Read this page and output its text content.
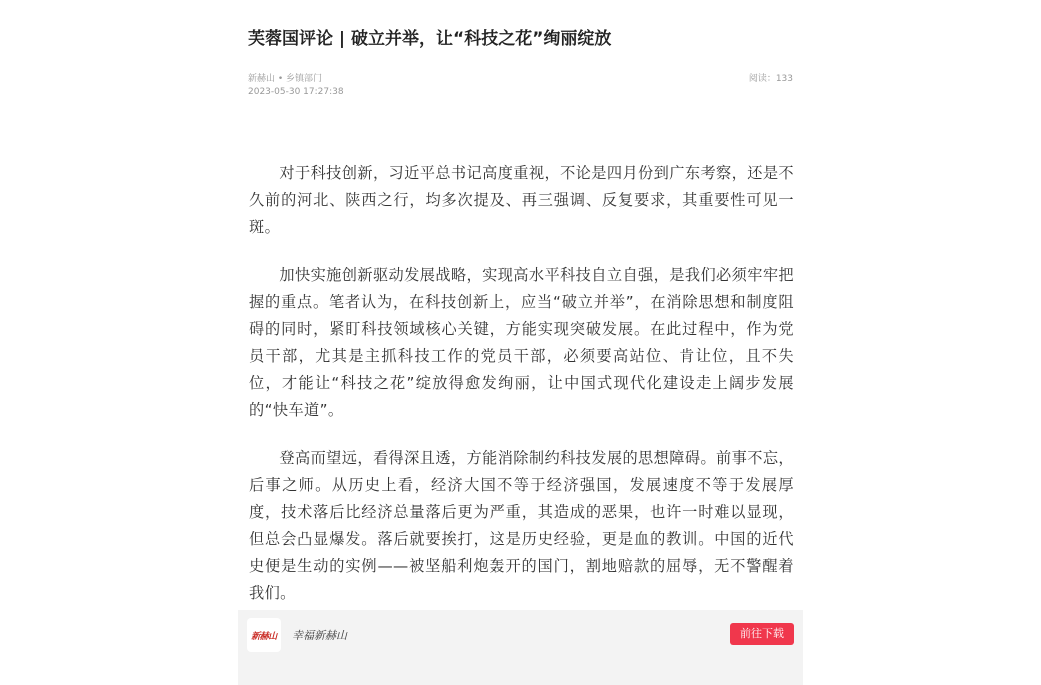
芙蓉国评论 | 破立并举，让“科技之花”绚丽绽放
新赫山 • 乡镇部门
2023-05-30 17:27:38
阅读：133

对于科技创新，习近平总书记高度重视，不论是四月份到广东考察，还是不久前的河北、陕西之行，均多次提及、再三强调、反复要求，其重要性可见一斑。

加快实施创新驱动发展战略，实现高水平科技自立自强，是我们必须牢牢把握的重点。笔者认为，在科技创新上，应当“破立并举”，在消除思想和制度阻碍的同时，紧盯科技领域核心关键，方能实现突破发展。在此过程中，作为党员干部，尤其是主抓科技工作的党员干部，必须要高站位、肯让位，且不失位，才能让“科技之花”绽放得愈发绚丽，让中国式现代化建设走上阔步发展的“快车道”。

登高而望远，看得深且透，方能消除制约科技发展的思想障碍。前事不忘，后事之师。从历史上看，经济大国不等于经济强国，发展速度不等于发展厚度，技术落后比经济总量落后更为严重，其造成的恶果，也许一时难以显现，但总会凸显爆发。落后就要挨打，这是历史经验，更是血的教训。中国的近代史便是生动的实例——被坚船利炮轰开的国门，割地赔款的屈辱，无不警醒着我们。

新赫山	幸福新赫山	前往下载
